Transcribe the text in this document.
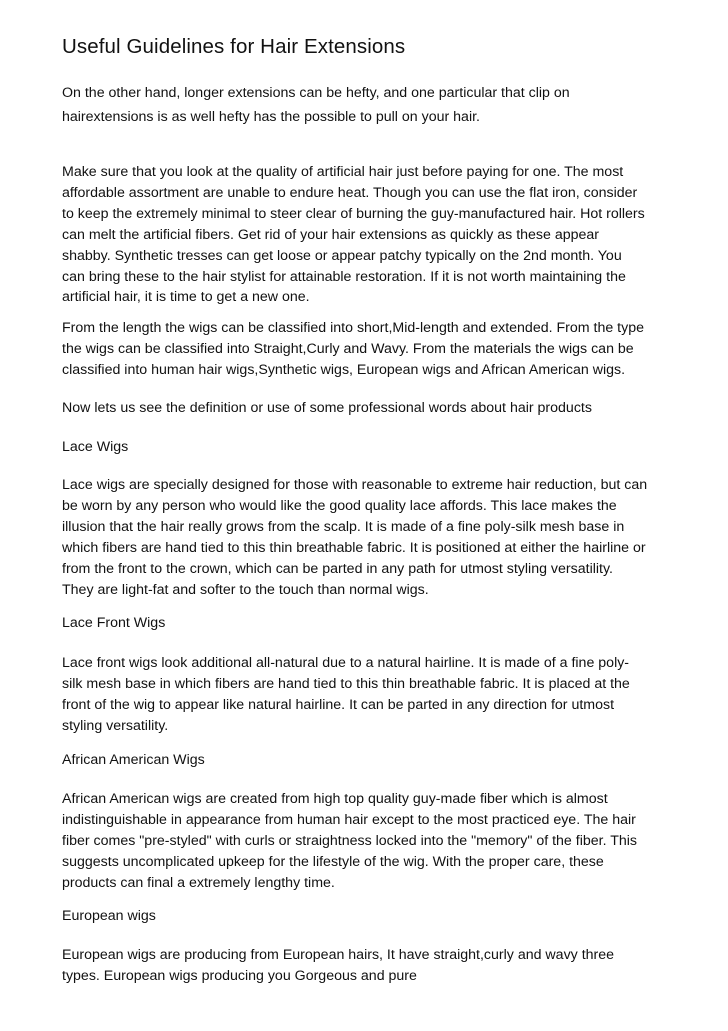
Useful Guidelines for Hair Extensions

On the other hand, longer extensions can be hefty, and one particular that clip on
hairextensions is as well hefty has the possible to pull on your hair.

Make sure that you look at the quality of artificial hair just before paying for one. The most
affordable assortment are unable to endure heat. Though you can use the flat iron, consider
to keep the extremely minimal to steer clear of burning the guy-manufactured hair. Hot rollers
can melt the artificial fibers. Get rid of your hair extensions as quickly as these appear
shabby. Synthetic tresses can get loose or appear patchy typically on the 2nd month. You
can bring these to the hair stylist for attainable restoration. If it is not worth maintaining the
artificial hair, it is time to get a new one.

From the length the wigs can be classified into short,Mid-length and extended. From the type
the wigs can be classified into Straight,Curly and Wavy. From the materials the wigs can be
classified into human hair wigs,Synthetic wigs, European wigs and African American wigs.

Now lets us see the definition or use of some professional words about hair products

Lace Wigs

Lace wigs are specially designed for those with reasonable to extreme hair reduction, but can
be worn by any person who would like the good quality lace affords. This lace makes the
illusion that the hair really grows from the scalp. It is made of a fine poly-silk mesh base in
which fibers are hand tied to this thin breathable fabric. It is positioned at either the hairline or
from the front to the crown, which can be parted in any path for utmost styling versatility.
They are light-fat and softer to the touch than normal wigs.

Lace Front Wigs

Lace front wigs look additional all-natural due to a natural hairline. It is made of a fine poly-
silk mesh base in which fibers are hand tied to this thin breathable fabric. It is placed at the
front of the wig to appear like natural hairline. It can be parted in any direction for utmost
styling versatility.

African American Wigs

African American wigs are created from high top quality guy-made fiber which is almost
indistinguishable in appearance from human hair except to the most practiced eye. The hair
fiber comes "pre-styled" with curls or straightness locked into the "memory" of the fiber. This
suggests uncomplicated upkeep for the lifestyle of the wig. With the proper care, these
products can final a extremely lengthy time.

European wigs

European wigs are producing from European hairs, It have straight,curly and wavy three
types. European wigs producing you Gorgeous and pure
